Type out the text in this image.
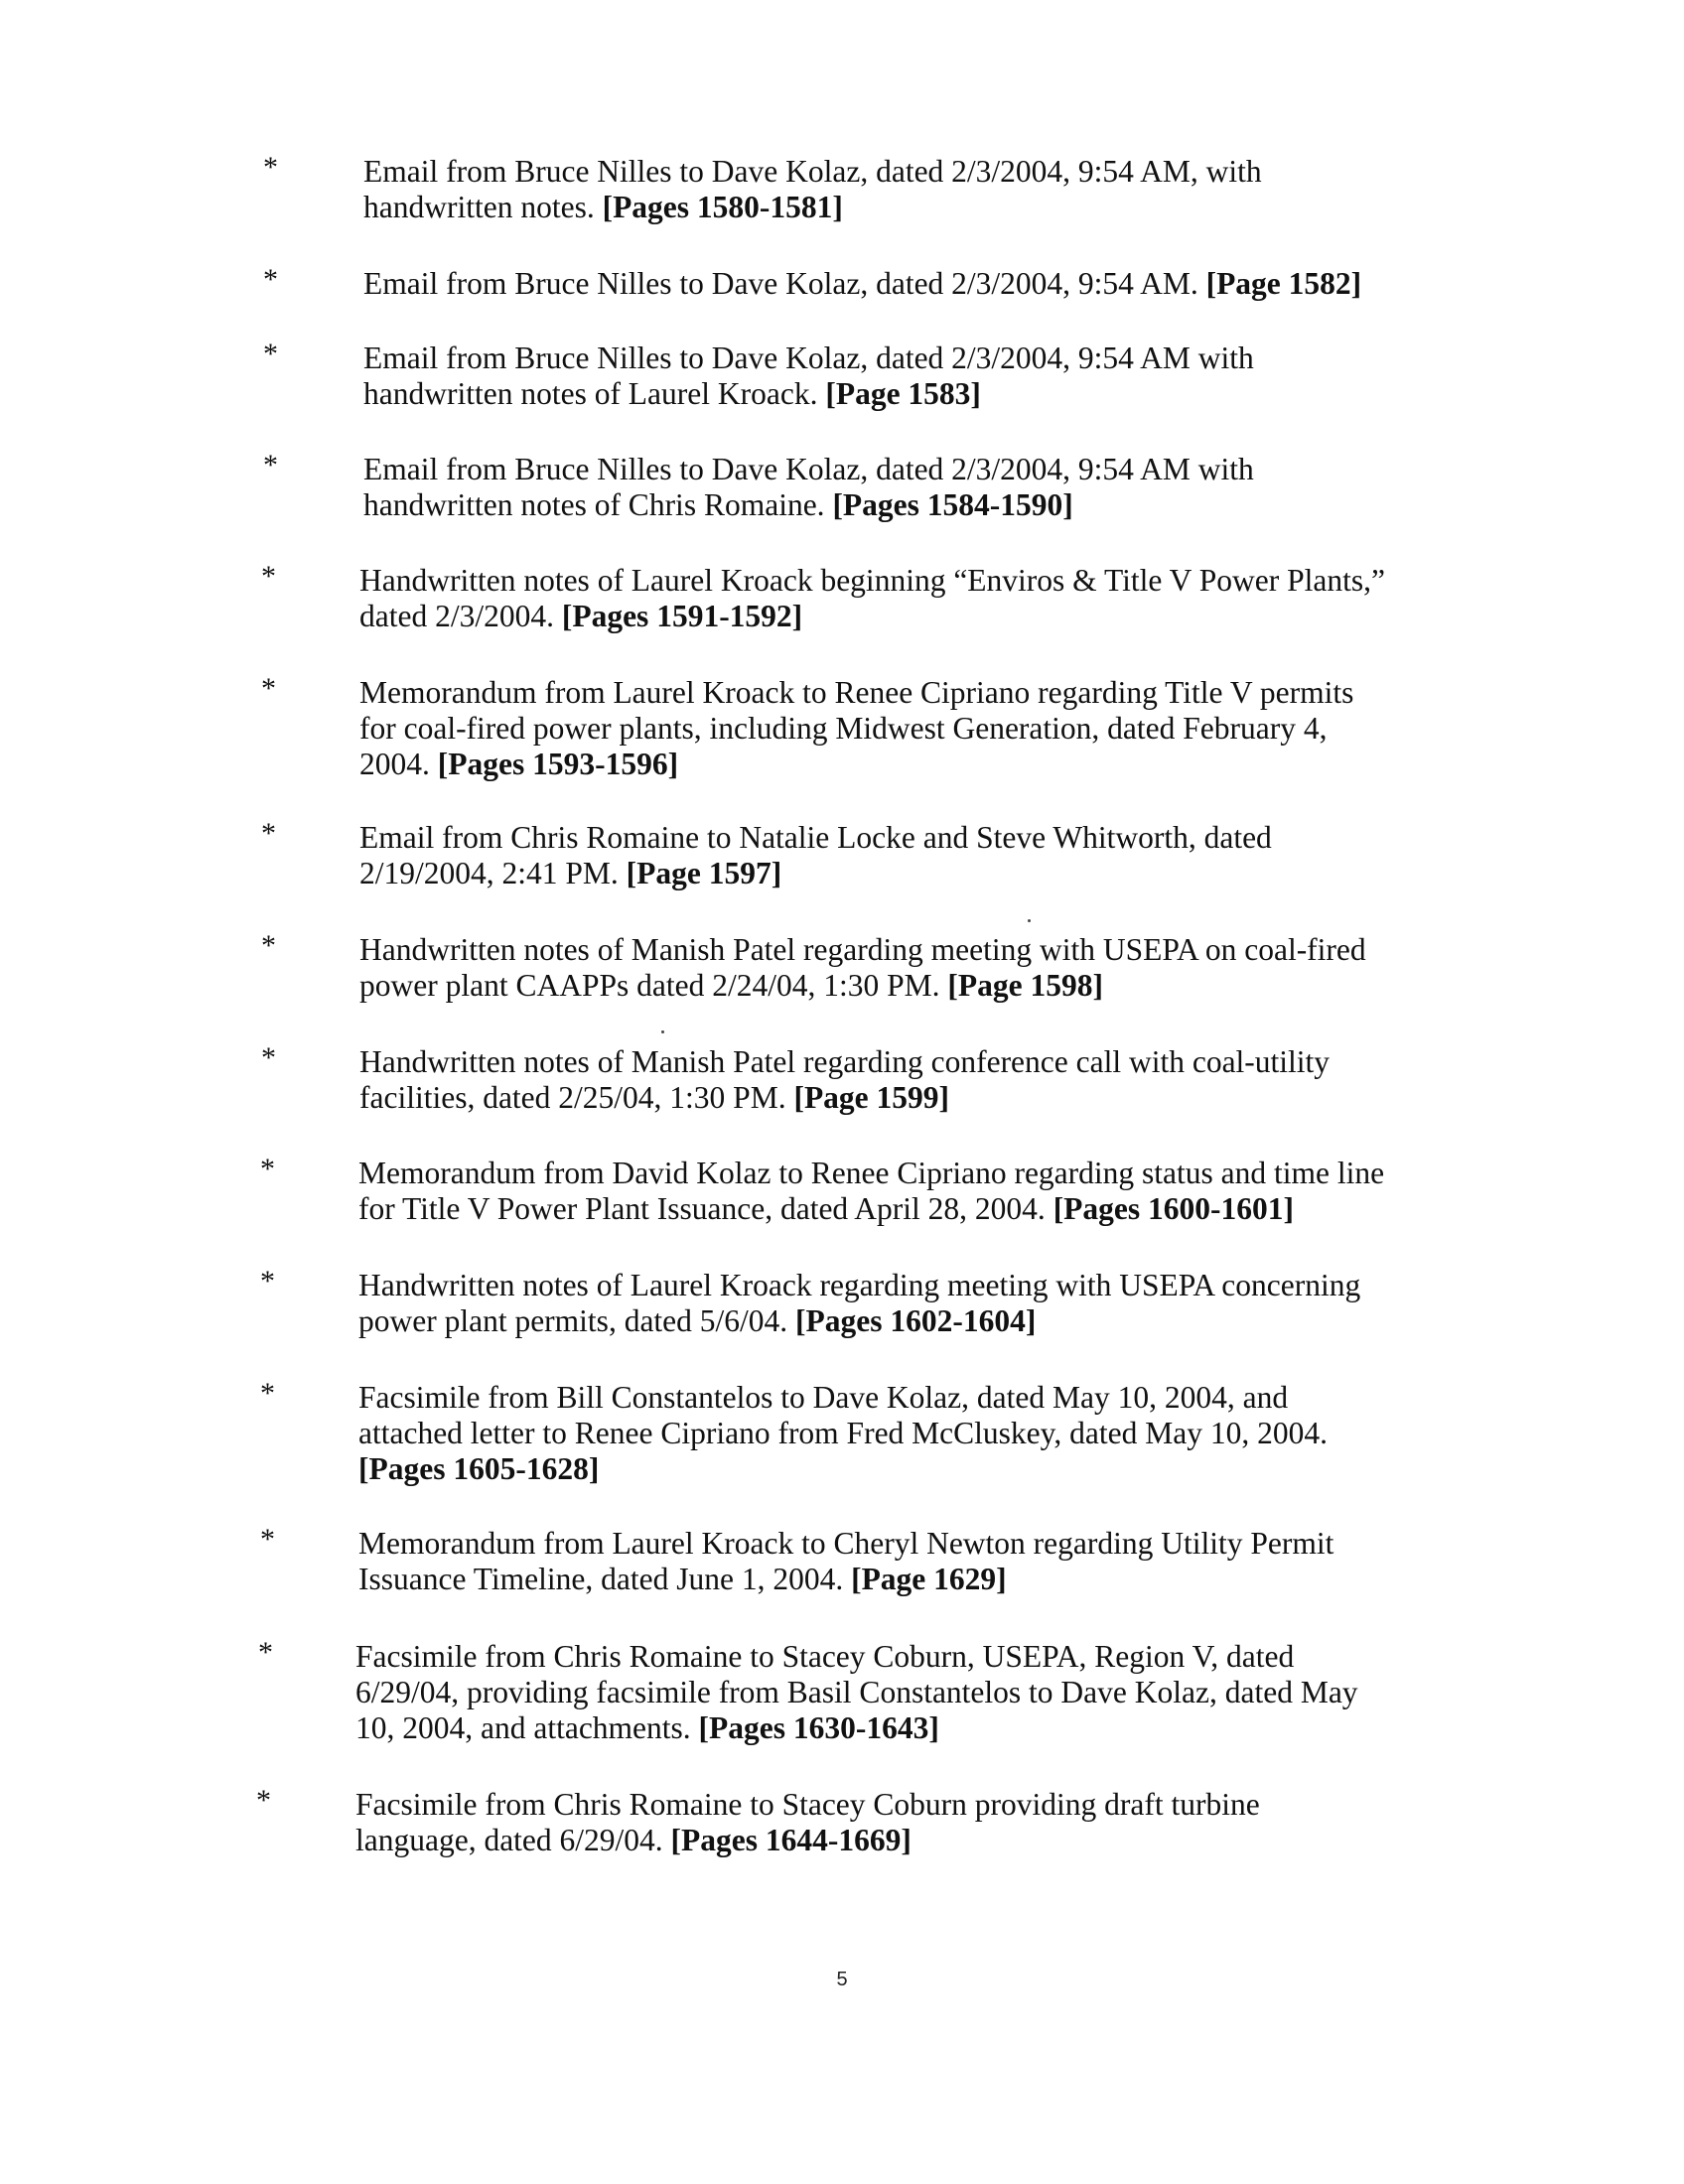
*	Email from Bruce Nilles to Dave Kolaz, dated 2/3/2004, 9:54 AM, with
handwritten notes. [Pages 1580-1581]
*	Email from Bruce Nilles to Dave Kolaz, dated 2/3/2004, 9:54 AM. [Page 1582]
*	Email from Bruce Nilles to Dave Kolaz, dated 2/3/2004, 9:54 AM with
handwritten notes of Laurel Kroack. [Page 1583]
*	Email from Bruce Nilles to Dave Kolaz, dated 2/3/2004, 9:54 AM with
handwritten notes of Chris Romaine. [Pages 1584-1590]
*	Handwritten notes of Laurel Kroack beginning “Enviros & Title V Power Plants,”
dated 2/3/2004. [Pages 1591-1592]
*	Memorandum from Laurel Kroack to Renee Cipriano regarding Title V permits
for coal-fired power plants, including Midwest Generation, dated February 4,
2004. [Pages 1593-1596]
*	Email from Chris Romaine to Natalie Locke and Steve Whitworth, dated
2/19/2004, 2:41 PM. [Page 1597]
*	Handwritten notes of Manish Patel regarding meeting with USEPA on coal-fired
power plant CAAPPs dated 2/24/04, 1:30 PM. [Page 1598]
*	Handwritten notes of Manish Patel regarding conference call with coal-utility
facilities, dated 2/25/04, 1:30 PM. [Page 1599]
*	Memorandum from David Kolaz to Renee Cipriano regarding status and time line
for Title V Power Plant Issuance, dated April 28, 2004. [Pages 1600-1601]
*	Handwritten notes of Laurel Kroack regarding meeting with USEPA concerning
power plant permits, dated 5/6/04. [Pages 1602-1604]
*	Facsimile from Bill Constantelos to Dave Kolaz, dated May 10, 2004, and
attached letter to Renee Cipriano from Fred McCluskey, dated May 10, 2004.
[Pages 1605-1628]
*	Memorandum from Laurel Kroack to Cheryl Newton regarding Utility Permit
Issuance Timeline, dated June 1, 2004. [Page 1629]
*	Facsimile from Chris Romaine to Stacey Coburn, USEPA, Region V, dated
6/29/04, providing facsimile from Basil Constantelos to Dave Kolaz, dated May
10, 2004, and attachments. [Pages 1630-1643]
*	Facsimile from Chris Romaine to Stacey Coburn providing draft turbine
language, dated 6/29/04. [Pages 1644-1669]
5
